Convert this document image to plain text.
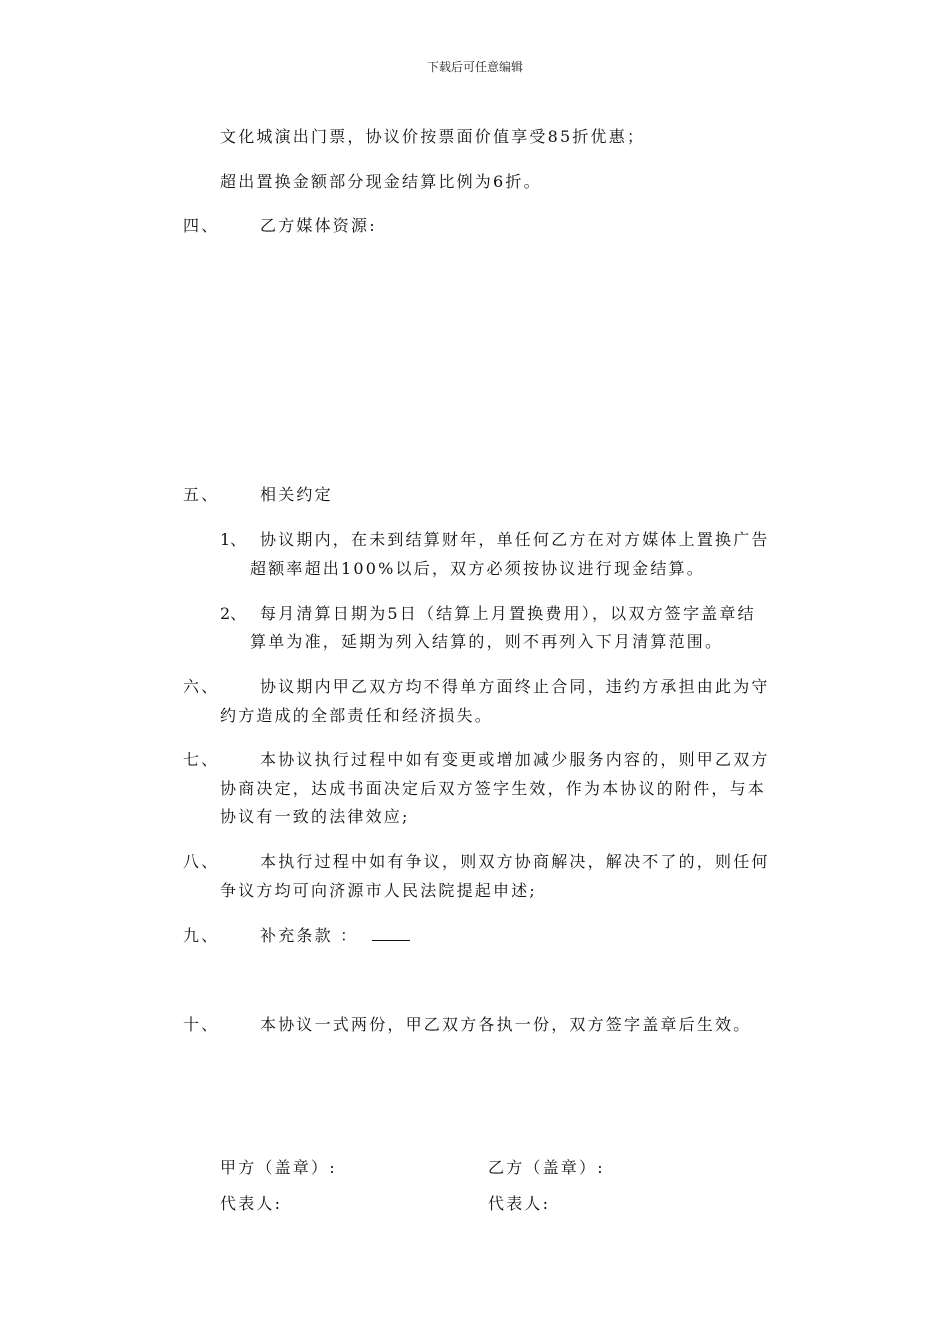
下载后可任意编辑
文化城演出门票，协议价按票面价值享受85折优惠；
超出置换金额部分现金结算比例为6折。
四、	乙方媒体资源:
五、	相关约定
1、 协议期内，在未到结算财年，单任何乙方在对方媒体上置换广告
超额率超出100%以后，双方必须按协议进行现金结算。
2、 每月清算日期为5日（结算上月置换费用），以双方签字盖章结
算单为准，延期为列入结算的，则不再列入下月清算范围。
六、	协议期内甲乙双方均不得单方面终止合同，违约方承担由此为守
约方造成的全部责任和经济损失。
七、	本协议执行过程中如有变更或增加减少服务内容的，则甲乙双方
协商决定，达成书面决定后双方签字生效，作为本协议的附件，与本
协议有一致的法律效应;
八、	本执行过程中如有争议，则双方协商解决，解决不了的，则任何
争议方均可向济源市人民法院提起申述;
九、	补充条款 ：
十、	本协议一式两份，甲乙双方各执一份，双方签字盖章后生效。
甲方（盖章）:	乙方（盖章）:
代表人:	代表人:
